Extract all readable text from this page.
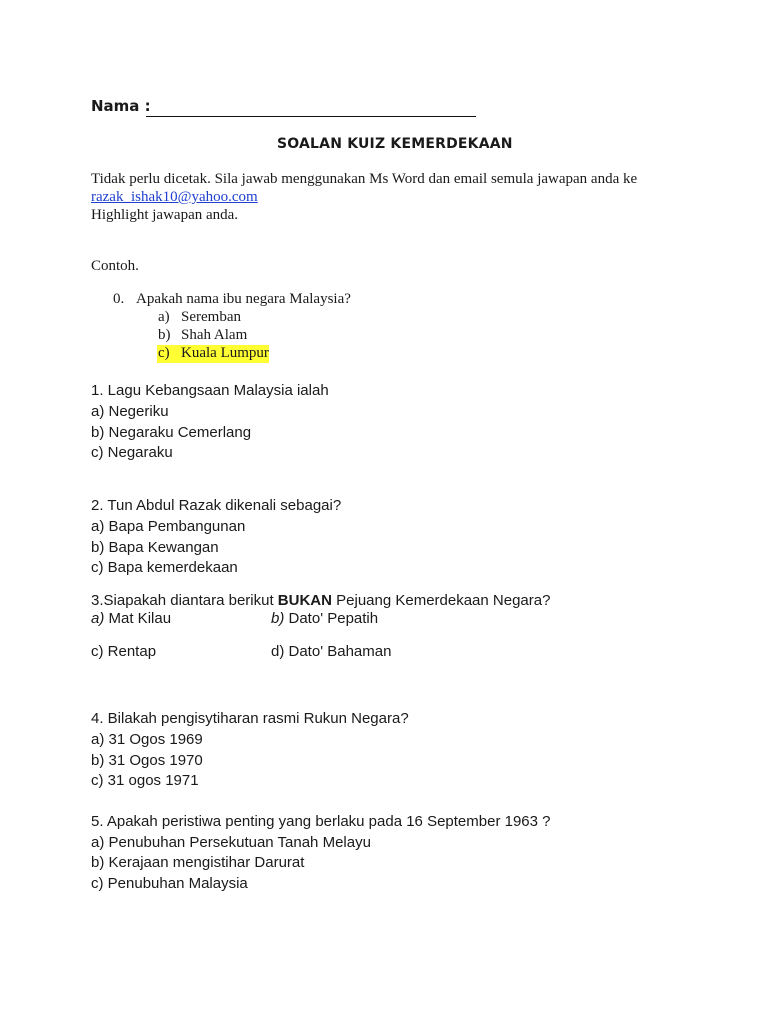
Nama :
SOALAN KUIZ KEMERDEKAAN
Tidak perlu dicetak. Sila jawab menggunakan Ms Word dan email semula jawapan anda ke
razak_ishak10@yahoo.com
Highlight jawapan anda.
Contoh.
0. Apakah nama ibu negara Malaysia?
a) Seremban
b) Shah Alam
c) Kuala Lumpur
1. Lagu Kebangsaan Malaysia ialah
a) Negeriku
b) Negaraku Cemerlang
c) Negaraku
2. Tun Abdul Razak dikenali sebagai?
a) Bapa Pembangunan
b) Bapa Kewangan
c) Bapa kemerdekaan
3.Siapakah diantara berikut BUKAN Pejuang Kemerdekaan Negara?
a) Mat Kilau	b) Dato' Pepatih
c) Rentap	d) Dato' Bahaman
4. Bilakah pengisytiharan rasmi Rukun Negara?
a) 31 Ogos 1969
b) 31 Ogos 1970
c) 31 ogos 1971
5. Apakah peristiwa penting yang berlaku pada 16 September 1963 ?
a) Penubuhan Persekutuan Tanah Melayu
b) Kerajaan mengistihar Darurat
c) Penubuhan Malaysia
